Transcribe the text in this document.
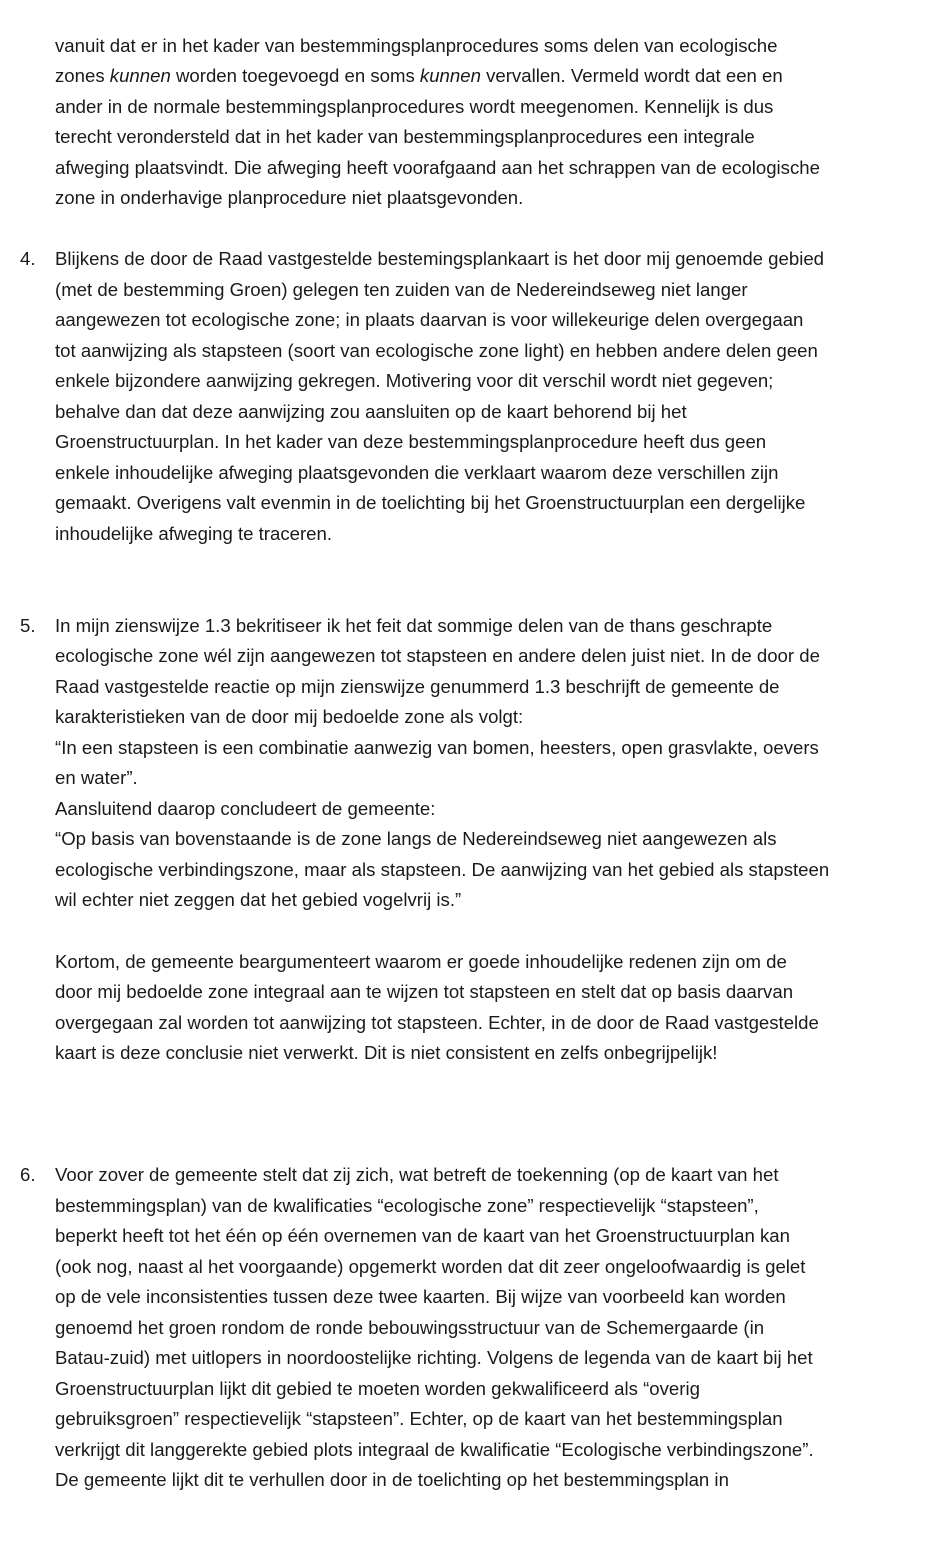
vanuit dat er in het kader van bestemmingsplanprocedures soms delen van ecologische
zones kunnen worden toegevoegd en soms kunnen vervallen. Vermeld wordt dat een en
ander in de normale bestemmingsplanprocedures wordt meegenomen. Kennelijk is dus
terecht verondersteld dat in het kader van bestemmingsplanprocedures een integrale
afweging plaatsvindt. Die afweging heeft voorafgaand aan het schrappen van de ecologische
zone in onderhavige planprocedure niet plaatsgevonden.
4. Blijkens de door de Raad vastgestelde bestemingsplankaart is het door mij genoemde gebied
(met de bestemming Groen) gelegen ten zuiden van de Nedereindseweg niet langer
aangewezen tot ecologische zone; in plaats daarvan is voor willekeurige delen overgegaan
tot aanwijzing als stapsteen (soort van ecologische zone light) en hebben andere delen geen
enkele bijzondere aanwijzing gekregen. Motivering voor dit verschil wordt niet gegeven;
behalve dan dat deze aanwijzing zou aansluiten op de kaart behorend bij het
Groenstructuurplan. In het kader van deze bestemmingsplanprocedure heeft dus geen
enkele inhoudelijke afweging plaatsgevonden die verklaart waarom deze verschillen zijn
gemaakt. Overigens valt evenmin in de toelichting bij het Groenstructuurplan een dergelijke
inhoudelijke afweging te traceren.
5. In mijn zienswijze 1.3 bekritiseer ik het feit dat sommige delen van de thans geschrapte
ecologische zone wél zijn aangewezen tot stapsteen en andere delen juist niet. In de door de
Raad vastgestelde reactie op mijn zienswijze genummerd 1.3 beschrijft de gemeente de
karakteristieken van de door mij bedoelde zone als volgt:
“In een stapsteen is een combinatie aanwezig van bomen, heesters, open grasvlakte, oevers
en water”.
Aansluitend daarop concludeert de gemeente:
“Op basis van bovenstaande is de zone langs de Nedereindseweg niet aangewezen als
ecologische verbindingszone, maar als stapsteen. De aanwijzing van het gebied als stapsteen
wil echter niet zeggen dat het gebied vogelvrij is.”
Kortom, de gemeente beargumenteert waarom er goede inhoudelijke redenen zijn om de
door mij bedoelde zone integraal aan te wijzen tot stapsteen en stelt dat op basis daarvan
overgegaan zal worden tot aanwijzing tot stapsteen. Echter, in de door de Raad vastgestelde
kaart is deze conclusie niet verwerkt. Dit is niet consistent en zelfs onbegrijpelijk!
6. Voor zover de gemeente stelt dat zij zich, wat betreft de toekenning (op de kaart van het
bestemmingsplan) van de kwalificaties “ecologische zone” respectievelijk “stapsteen”,
beperkt heeft tot het één op één overnemen van de kaart van het Groenstructuurplan kan
(ook nog, naast al het voorgaande) opgemerkt worden dat dit zeer ongeloofwaardig is gelet
op de vele inconsistenties tussen deze twee kaarten. Bij wijze van voorbeeld kan worden
genoemd het groen rondom de ronde bebouwingsstructuur van de Schemergaarde (in
Batau-zuid) met uitlopers in noordoostelijke richting. Volgens de legenda van de kaart bij het
Groenstructuurplan lijkt dit gebied te moeten worden gekwalificeerd als “overig
gebruiksgroen” respectievelijk “stapsteen”. Echter, op de kaart van het bestemmingsplan
verkrijgt dit langgerekte gebied plots integraal de kwalificatie “Ecologische verbindingszone”.
De gemeente lijkt dit te verhullen door in de toelichting op het bestemmingsplan in
